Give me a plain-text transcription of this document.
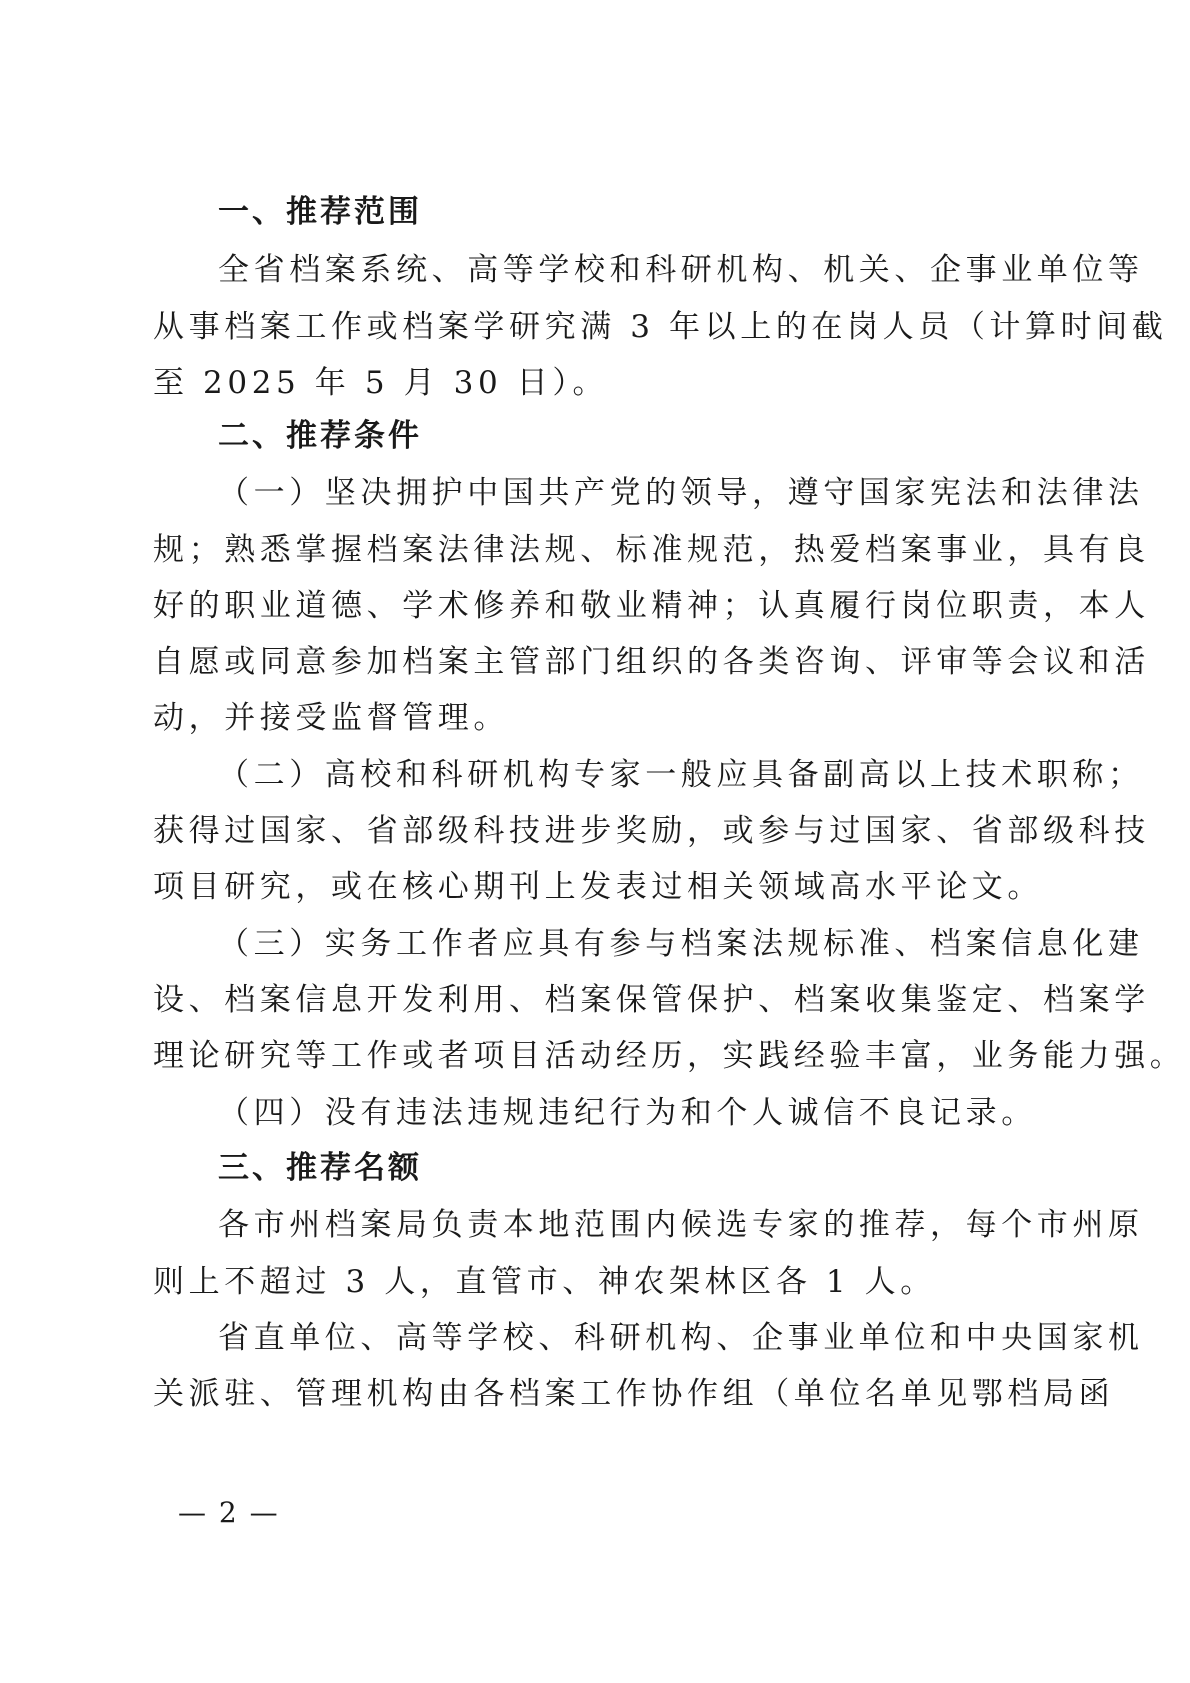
一、推荐范围
全省档案系统、高等学校和科研机构、机关、企事业单位等
从事档案工作或档案学研究满 3 年以上的在岗人员（计算时间截
至 2025 年 5 月 30 日）。
二、推荐条件
（一）坚决拥护中国共产党的领导，遵守国家宪法和法律法
规；熟悉掌握档案法律法规、标准规范，热爱档案事业，具有良
好的职业道德、学术修养和敬业精神；认真履行岗位职责，本人
自愿或同意参加档案主管部门组织的各类咨询、评审等会议和活
动，并接受监督管理。
（二）高校和科研机构专家一般应具备副高以上技术职称；
获得过国家、省部级科技进步奖励，或参与过国家、省部级科技
项目研究，或在核心期刊上发表过相关领域高水平论文。
（三）实务工作者应具有参与档案法规标准、档案信息化建
设、档案信息开发利用、档案保管保护、档案收集鉴定、档案学
理论研究等工作或者项目活动经历，实践经验丰富，业务能力强。
（四）没有违法违规违纪行为和个人诚信不良记录。
三、推荐名额
各市州档案局负责本地范围内候选专家的推荐，每个市州原
则上不超过 3 人，直管市、神农架林区各 1 人。
省直单位、高等学校、科研机构、企事业单位和中央国家机
关派驻、管理机构由各档案工作协作组（单位名单见鄂档局函
— 2 —
